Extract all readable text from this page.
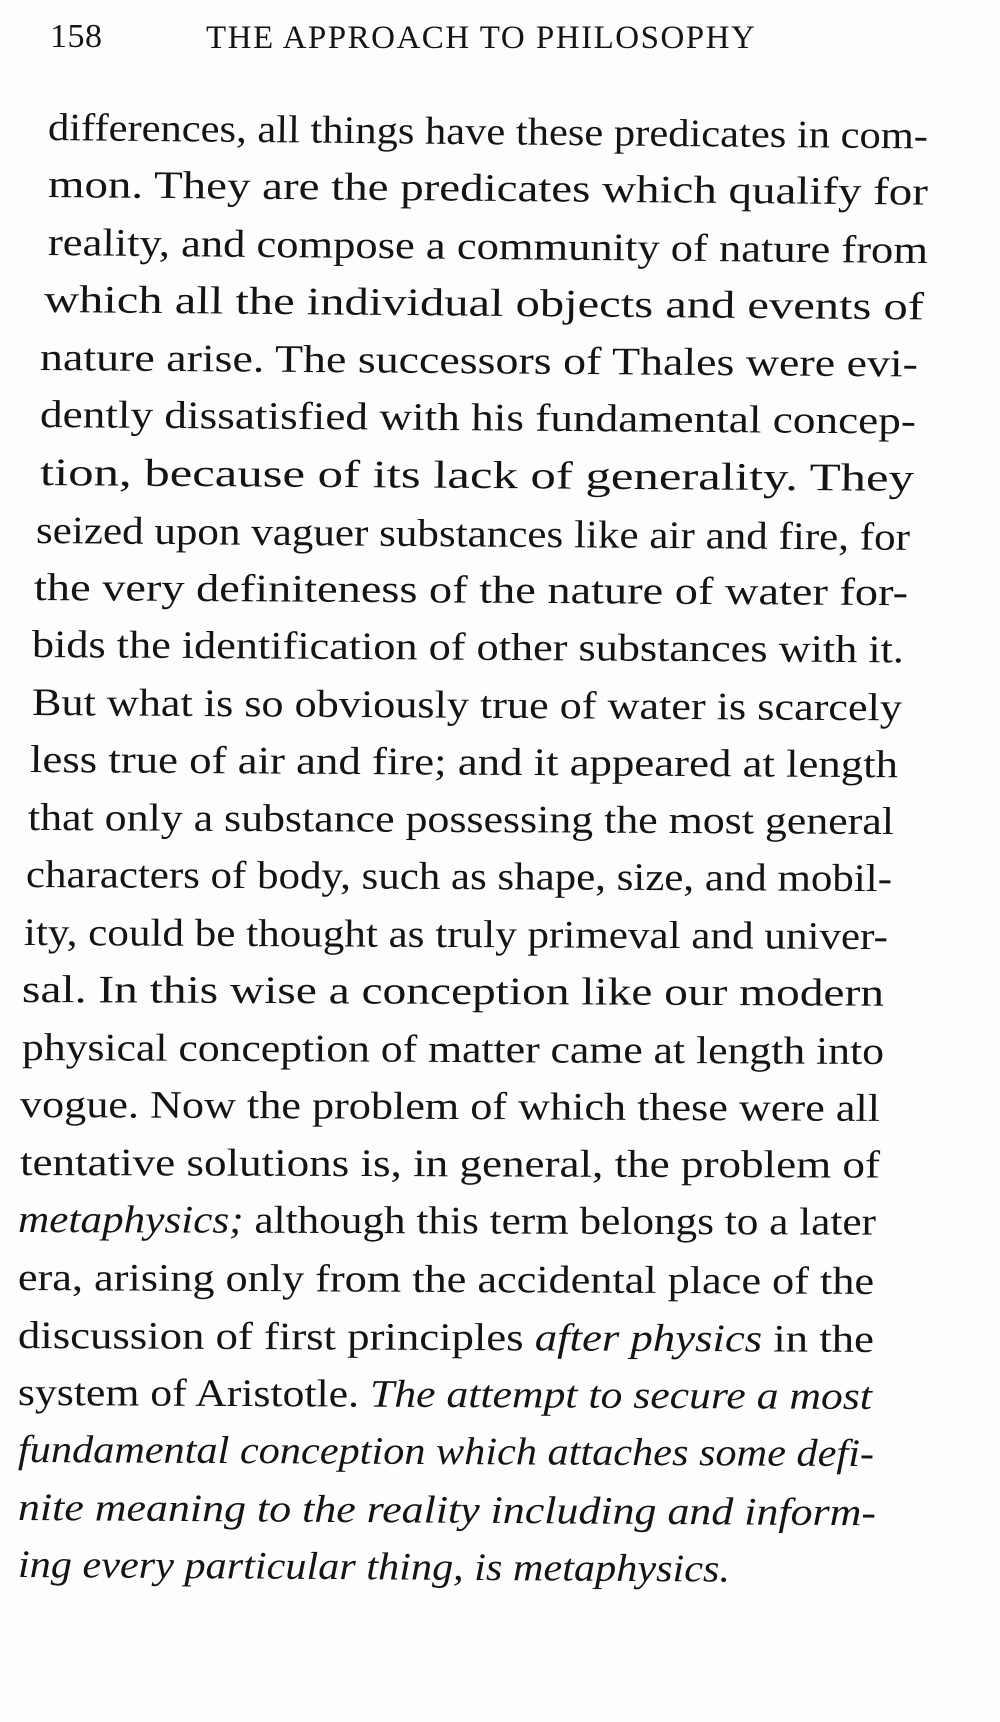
158	THE APPROACH TO PHILOSOPHY
differences, all things have these predicates in com-
mon. They are the predicates which qualify for
reality, and compose a community of nature from
which all the individual objects and events of
nature arise. The successors of Thales were evi-
dently dissatisfied with his fundamental concep-
tion, because of its lack of generality. They
seized upon vaguer substances like air and fire, for
the very definiteness of the nature of water for-
bids the identification of other substances with it.
But what is so obviously true of water is scarcely
less true of air and fire; and it appeared at length
that only a substance possessing the most general
characters of body, such as shape, size, and mobil-
ity, could be thought as truly primeval and univer-
sal. In this wise a conception like our modern
physical conception of matter came at length into
vogue. Now the problem of which these were all
tentative solutions is, in general, the problem of
metaphysics; although this term belongs to a later
era, arising only from the accidental place of the
discussion of first principles after physics in the
system of Aristotle. The attempt to secure a most
fundamental conception which attaches some defi-
nite meaning to the reality including and inform-
ing every particular thing, is metaphysics.
